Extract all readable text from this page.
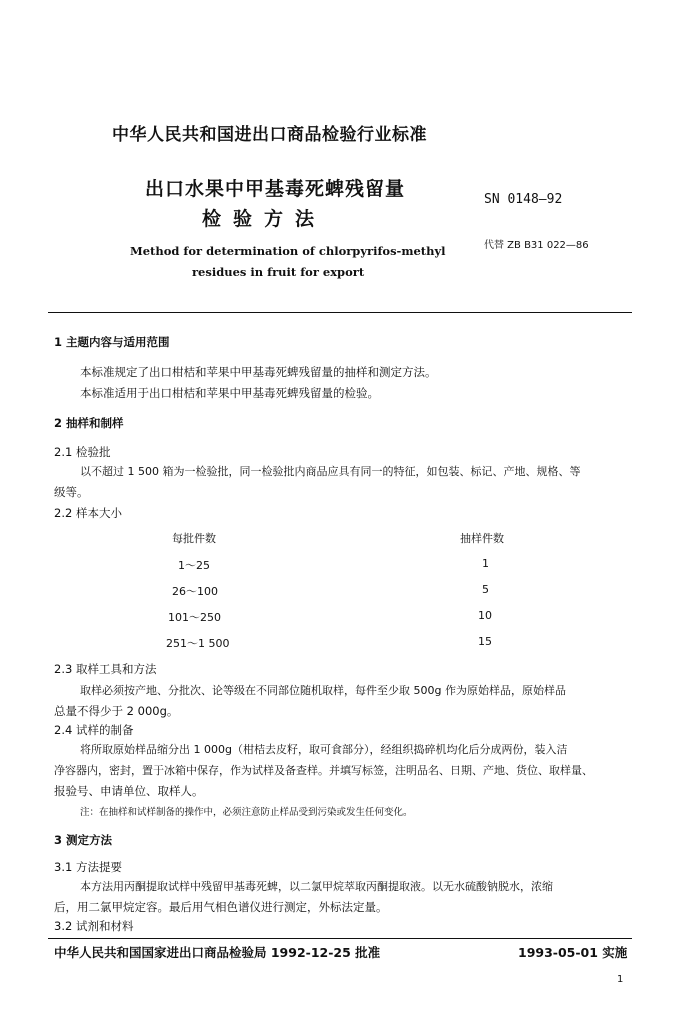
中华人民共和国进出口商品检验行业标准
出口水果中甲基毒死蜱残留量
检验方法
SN 0148—92
代替 ZB B31 022—86
Method for determination of chlorpyrifos-methyl
residues in fruit for export
1 主题内容与适用范围
本标准规定了出口柑桔和苹果中甲基毒死蜱残留量的抽样和测定方法。
本标准适用于出口柑桔和苹果中甲基毒死蜱残留量的检验。
2 抽样和制样
2.1 检验批
以不超过 1 500 箱为一检验批，同一检验批内商品应具有同一的特征，如包装、标记、产地、规格、等
级等。
2.2 样本大小
每批件数	抽样件数
1～25	1
26～100	5
101～250	10
251～1 500	15
2.3 取样工具和方法
取样必须按产地、分批次、论等级在不同部位随机取样，每件至少取 500g 作为原始样品，原始样品
总量不得少于 2 000g。
2.4 试样的制备
将所取原始样品缩分出 1 000g（柑桔去皮籽，取可食部分），经组织捣碎机均化后分成两份，装入洁
净容器内，密封，置于冰箱中保存，作为试样及备查样。并填写标签，注明品名、日期、产地、货位、取样量、
报验号、申请单位、取样人。
注：在抽样和试样制备的操作中，必须注意防止样品受到污染或发生任何变化。
3 测定方法
3.1 方法提要
本方法用丙酮提取试样中残留甲基毒死蜱，以二氯甲烷萃取丙酮提取液。以无水硫酸钠脱水，浓缩
后，用二氯甲烷定容。最后用气相色谱仪进行测定，外标法定量。
3.2 试剂和材料
中华人民共和国国家进出口商品检验局 1992-12-25 批准	1993-05-01 实施
1
